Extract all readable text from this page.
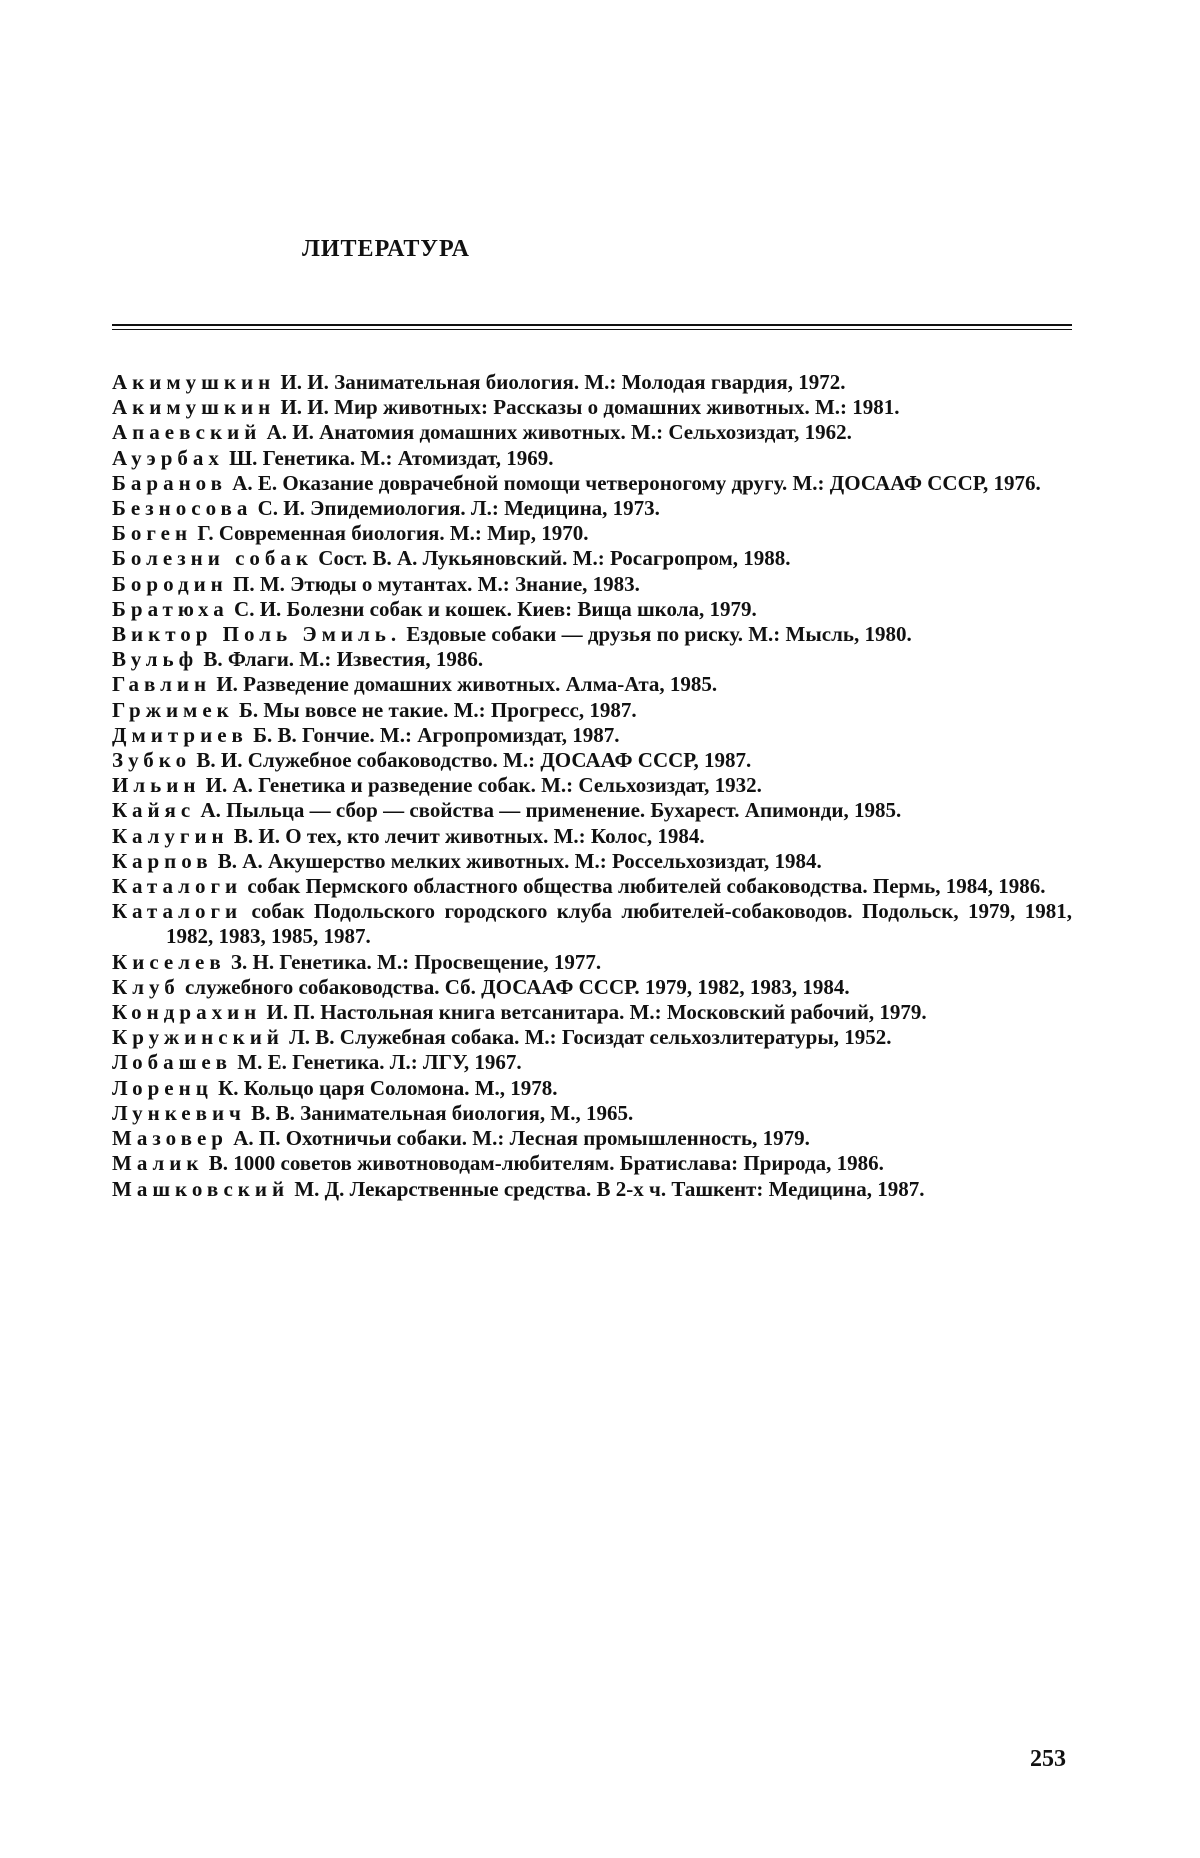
ЛИТЕРАТУРА
Акимушкин И. И. Занимательная биология. М.: Молодая гвардия, 1972.
Акимушкин И. И. Мир животных: Рассказы о домашних животных. М.: 1981.
Апаевский А. И. Анатомия домашних животных. М.: Сельхозиздат, 1962.
Ауэрбах Ш. Генетика. М.: Атомиздат, 1969.
Баранов А. Е. Оказание доврачебной помощи четвероногому другу. М.: ДОСААФ СССР, 1976.
Безносова С. И. Эпидемиология. Л.: Медицина, 1973.
Боген Г. Современная биология. М.: Мир, 1970.
Болезни собак Сост. В. А. Лукьяновский. М.: Росагропром, 1988.
Бородин П. М. Этюды о мутантах. М.: Знание, 1983.
Братюха С. И. Болезни собак и кошек. Киев: Вища школа, 1979.
Виктор Поль Эмиль. Ездовые собаки — друзья по риску. М.: Мысль, 1980.
Вульф В. Флаги. М.: Известия, 1986.
Гавлин И. Разведение домашних животных. Алма-Ата, 1985.
Гржимек Б. Мы вовсе не такие. М.: Прогресс, 1987.
Дмитриев Б. В. Гончие. М.: Агропромиздат, 1987.
Зубко В. И. Служебное собаководство. М.: ДОСААФ СССР, 1987.
Ильин И. А. Генетика и разведение собак. М.: Сельхозиздат, 1932.
Кайяс А. Пыльца — сбор — свойства — применение. Бухарест. Апимонди, 1985.
Калугин В. И. О тех, кто лечит животных. М.: Колос, 1984.
Карпов В. А. Акушерство мелких животных. М.: Россельхозиздат, 1984.
Каталоги собак Пермского областного общества любителей собаководства. Пермь, 1984, 1986.
Каталоги собак Подольского городского клуба любителей-собаководов. Подольск, 1979, 1981, 1982, 1983, 1985, 1987.
Киселев З. Н. Генетика. М.: Просвещение, 1977.
Клуб служебного собаководства. Сб. ДОСААФ СССР. 1979, 1982, 1983, 1984.
Кондрахин И. П. Настольная книга ветсанитара. М.: Московский рабочий, 1979.
Кружинский Л. В. Служебная собака. М.: Госиздат сельхозлитературы, 1952.
Лобашев М. Е. Генетика. Л.: ЛГУ, 1967.
Лоренц К. Кольцо царя Соломона. М., 1978.
Лункевич В. В. Занимательная биология, М., 1965.
Мазовер А. П. Охотничьи собаки. М.: Лесная промышленность, 1979.
Малик В. 1000 советов животноводам-любителям. Братислава: Природа, 1986.
Машковский М. Д. Лекарственные средства. В 2-х ч. Ташкент: Медицина, 1987.

253
